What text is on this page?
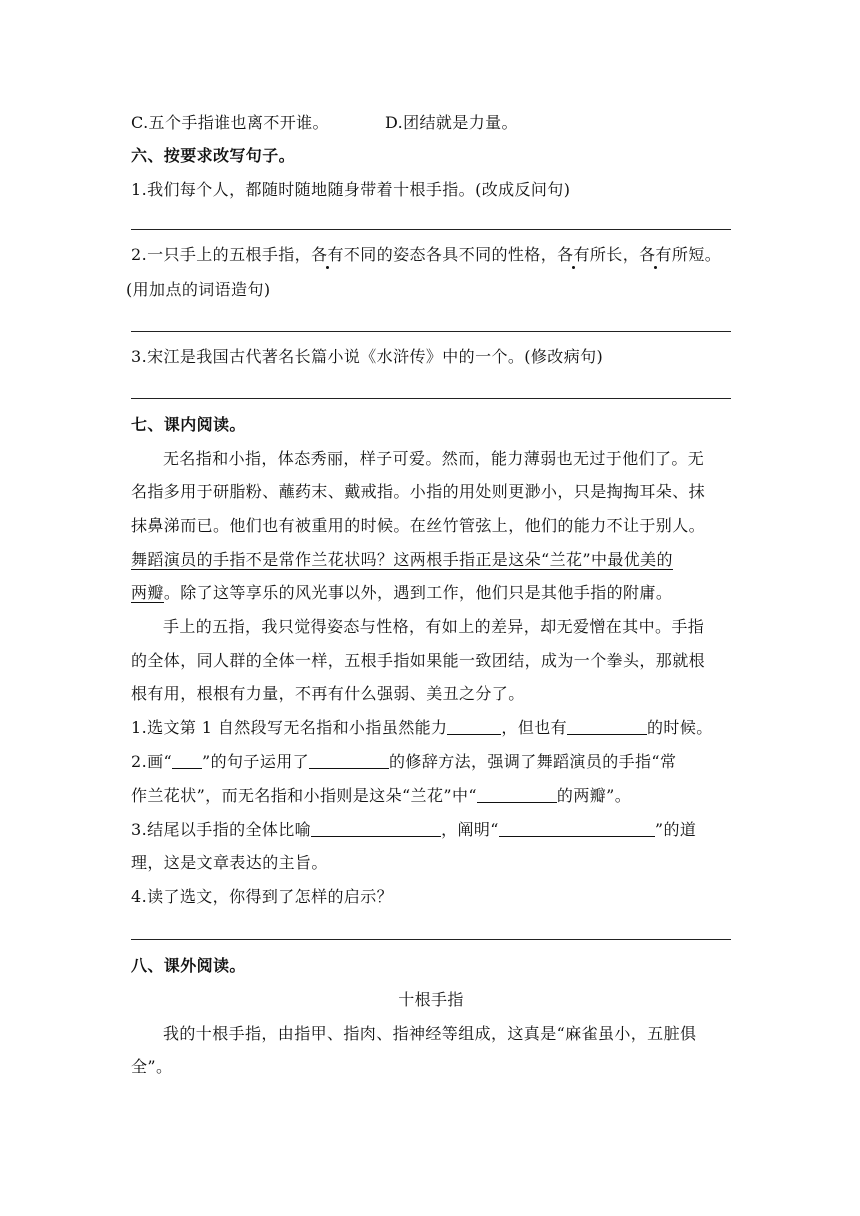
C.五个手指谁也离不开谁。	D.团结就是力量。
六、按要求改写句子。
1.我们每个人，都随时随地随身带着十根手指。(改成反问句)
2.一只手上的五根手指，各有不同的姿态各具不同的性格，各有所长，各有所短。
(用加点的词语造句)
3.宋江是我国古代著名长篇小说《水浒传》中的一个。(修改病句)
七、课内阅读。
无名指和小指，体态秀丽，样子可爱。然而，能力薄弱也无过于他们了。无
名指多用于研脂粉、蘸药末、戴戒指。小指的用处则更渺小，只是掏掏耳朵、抹
抹鼻涕而已。他们也有被重用的时候。在丝竹管弦上，他们的能力不让于别人。
舞蹈演员的手指不是常作兰花状吗？这两根手指正是这朵“兰花”中最优美的
两瓣。除了这等享乐的风光事以外，遇到工作，他们只是其他手指的附庸。
手上的五指，我只觉得姿态与性格，有如上的差异，却无爱憎在其中。手指
的全体，同人群的全体一样，五根手指如果能一致团结，成为一个拳头，那就根
根有用，根根有力量，不再有什么强弱、美丑之分了。
1.选文第 1 自然段写无名指和小指虽然能力	，但也有	的时候。
2.画“ ”的句子运用了	的修辞方法，强调了舞蹈演员的手指“常
作兰花状”，而无名指和小指则是这朵“兰花”中“	的两瓣”。
3.结尾以手指的全体比喻	，阐明“	”的道
理，这是文章表达的主旨。
4.读了选文，你得到了怎样的启示？
八、课外阅读。
十根手指
我的十根手指，由指甲、指肉、指神经等组成，这真是“麻雀虽小，五脏俱
全”。
